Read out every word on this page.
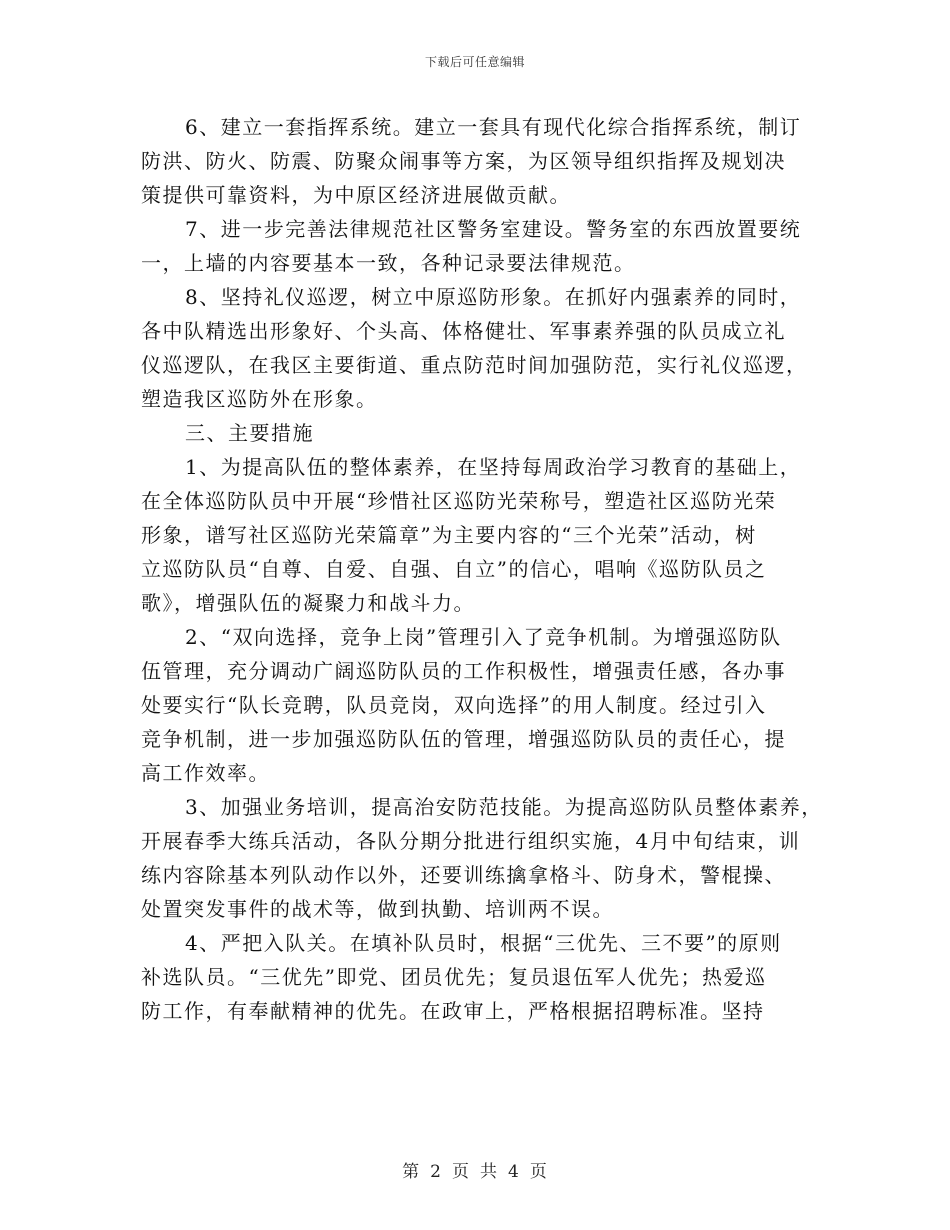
下载后可任意编辑

6、建立一套指挥系统。建立一套具有现代化综合指挥系统，制订
防洪、防火、防震、防聚众闹事等方案，为区领导组织指挥及规划决
策提供可靠资料，为中原区经济进展做贡献。

7、进一步完善法律规范社区警务室建设。警务室的东西放置要统
一，上墙的内容要基本一致，各种记录要法律规范。

8、坚持礼仪巡逻，树立中原巡防形象。在抓好内强素养的同时，
各中队精选出形象好、个头高、体格健壮、军事素养强的队员成立礼
仪巡逻队，在我区主要街道、重点防范时间加强防范，实行礼仪巡逻，
塑造我区巡防外在形象。

三、主要措施

1、为提高队伍的整体素养，在坚持每周政治学习教育的基础上，
在全体巡防队员中开展“珍惜社区巡防光荣称号，塑造社区巡防光荣
形象，谱写社区巡防光荣篇章”为主要内容的“三个光荣”活动，树
立巡防队员“自尊、自爱、自强、自立”的信心，唱响《巡防队员之
歌》，增强队伍的凝聚力和战斗力。

2、“双向选择，竞争上岗”管理引入了竞争机制。为增强巡防队
伍管理，充分调动广阔巡防队员的工作积极性，增强责任感，各办事
处要实行“队长竞聘，队员竞岗，双向选择”的用人制度。经过引入
竞争机制，进一步加强巡防队伍的管理，增强巡防队员的责任心，提
高工作效率。

3、加强业务培训，提高治安防范技能。为提高巡防队员整体素养，
开展春季大练兵活动，各队分期分批进行组织实施，4月中旬结束，训
练内容除基本列队动作以外，还要训练擒拿格斗、防身术，警棍操、
处置突发事件的战术等，做到执勤、培训两不误。

4、严把入队关。在填补队员时，根据“三优先、三不要”的原则
补选队员。“三优先”即党、团员优先；复员退伍军人优先；热爱巡
防工作，有奉献精神的优先。在政审上，严格根据招聘标准。坚持

第 2 页 共 4 页
